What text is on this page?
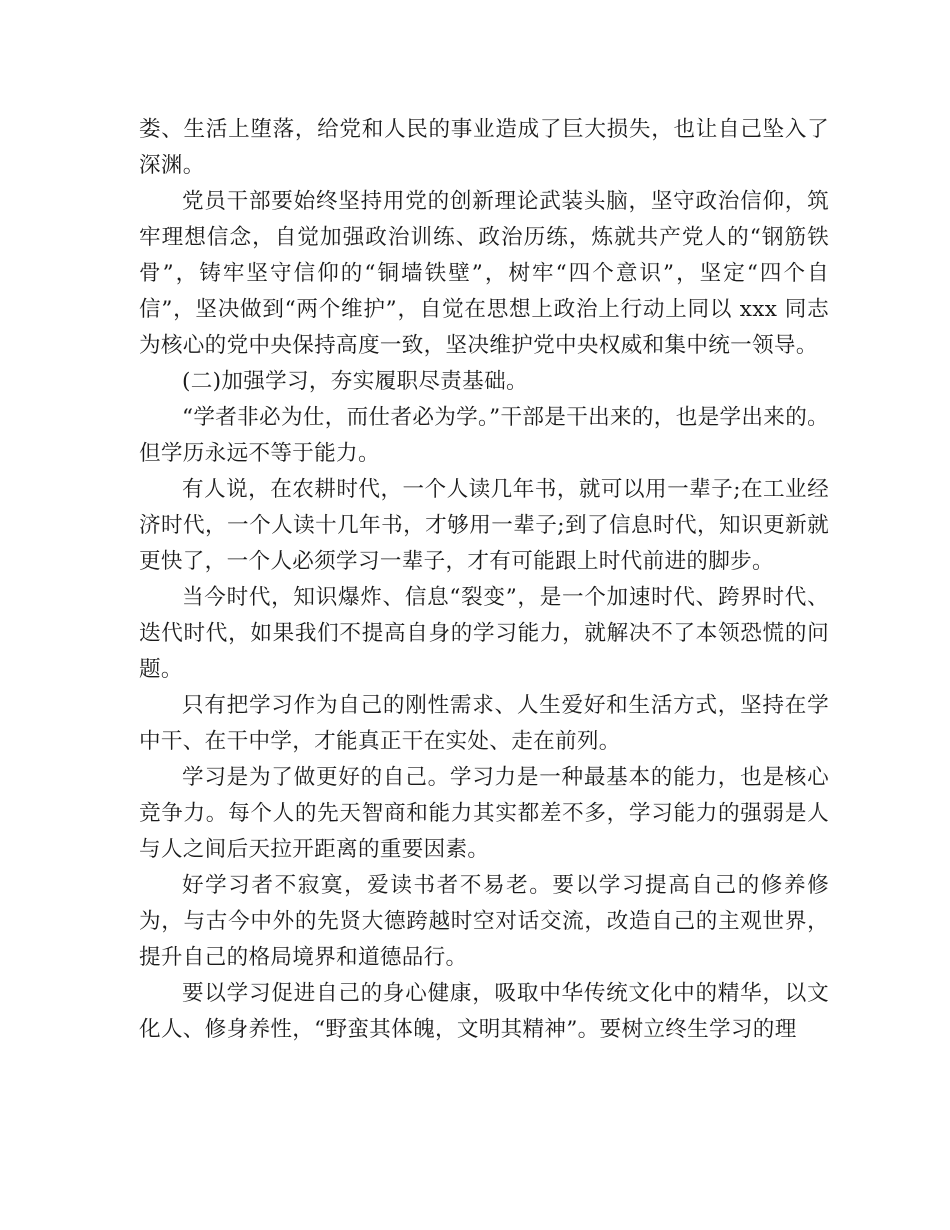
娄、生活上堕落，给党和人民的事业造成了巨大损失，也让自己坠入了深渊。

党员干部要始终坚持用党的创新理论武装头脑，坚守政治信仰，筑牢理想信念，自觉加强政治训练、政治历练，炼就共产党人的“钢筋铁骨”，铸牢坚守信仰的“铜墙铁壁”，树牢“四个意识”，坚定“四个自信”，坚决做到“两个维护”，自觉在思想上政治上行动上同以 xxx 同志为核心的党中央保持高度一致，坚决维护党中央权威和集中统一领导。

(二)加强学习，夯实履职尽责基础。

“学者非必为仕，而仕者必为学。”干部是干出来的，也是学出来的。但学历永远不等于能力。

有人说，在农耕时代，一个人读几年书，就可以用一辈子;在工业经济时代，一个人读十几年书，才够用一辈子;到了信息时代，知识更新就更快了，一个人必须学习一辈子，才有可能跟上时代前进的脚步。

当今时代，知识爆炸、信息“裂变”，是一个加速时代、跨界时代、迭代时代，如果我们不提高自身的学习能力，就解决不了本领恐慌的问题。

只有把学习作为自己的刚性需求、人生爱好和生活方式，坚持在学中干、在干中学，才能真正干在实处、走在前列。

学习是为了做更好的自己。学习力是一种最基本的能力，也是核心竞争力。每个人的先天智商和能力其实都差不多，学习能力的强弱是人与人之间后天拉开距离的重要因素。

好学习者不寂寞，爱读书者不易老。要以学习提高自己的修养修为，与古今中外的先贤大德跨越时空对话交流，改造自己的主观世界，提升自己的格局境界和道德品行。

要以学习促进自己的身心健康，吸取中华传统文化中的精华，以文化人、修身养性，“野蛮其体魄，文明其精神”。要树立终生学习的理
